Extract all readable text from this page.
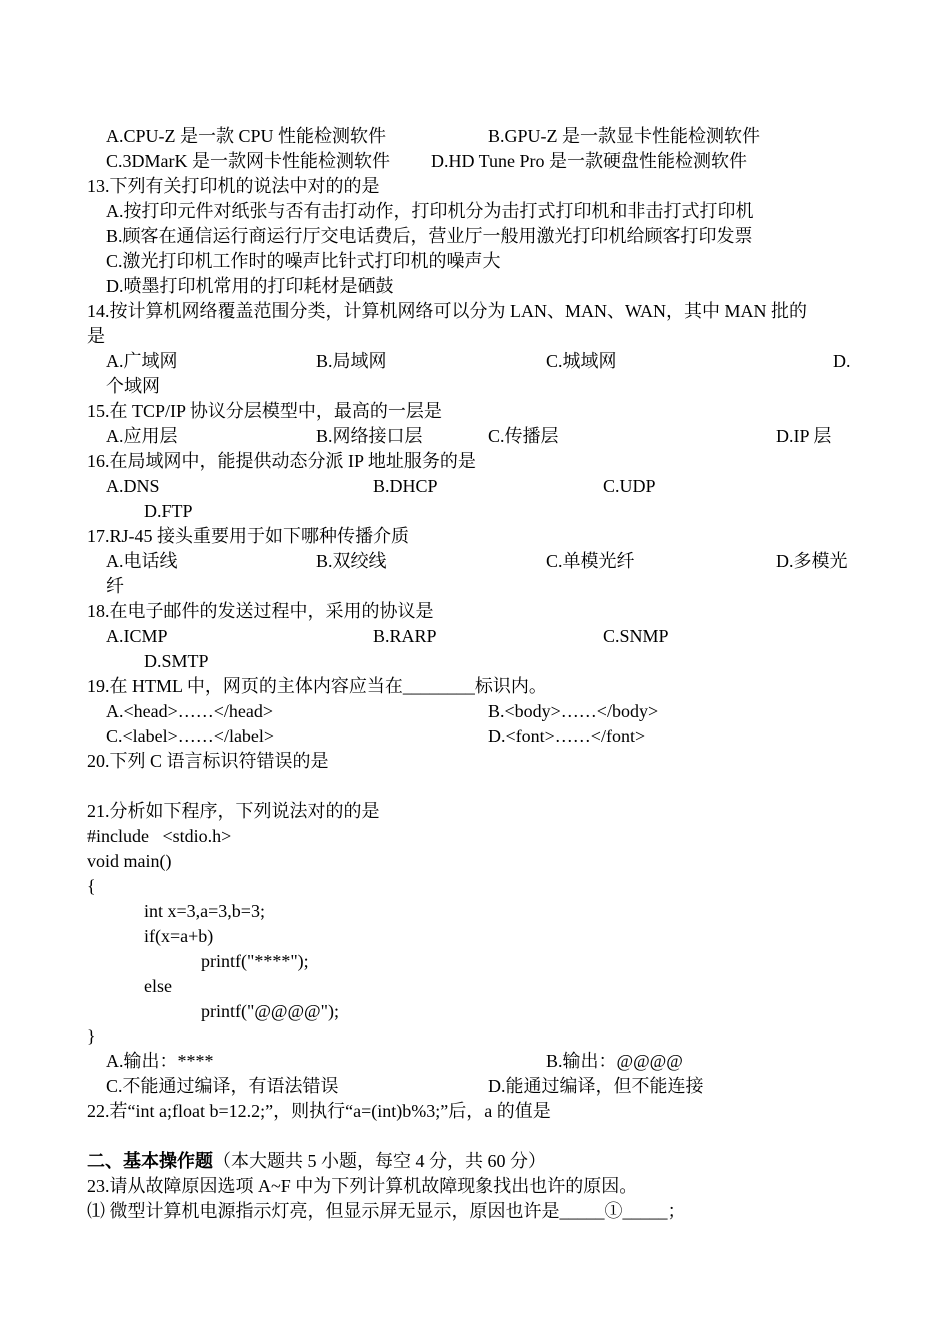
A.CPU-Z 是一款 CPU 性能检测软件	B.GPU-Z 是一款显卡性能检测软件
C.3DMarK 是一款网卡性能检测软件 D.HD Tune Pro 是一款硬盘性能检测软件
13.下列有关打印机的说法中对的的是
A.按打印元件对纸张与否有击打动作，打印机分为击打式打印机和非击打式打印机
B.顾客在通信运行商运行厅交电话费后，营业厅一般用激光打印机给顾客打印发票
C.激光打印机工作时的噪声比针式打印机的噪声大
D.喷墨打印机常用的打印耗材是硒鼓
14.按计算机网络覆盖范围分类，计算机网络可以分为 LAN、MAN、WAN，其中 MAN 批的
是
A.广域网	B.局域网	C.城域网	D.
个域网
15.在 TCP/IP 协议分层模型中，最高的一层是
A.应用层	B.网络接口层	C.传播层	D.IP 层
16.在局域网中，能提供动态分派 IP 地址服务的是
A.DNS	B.DHCP	C.UDP
D.FTP
17.RJ-45 接头重要用于如下哪种传播介质
A.电话线	B.双绞线	C.单模光纤	D.多模光
纤
18.在电子邮件的发送过程中，采用的协议是
A.ICMP	B.RARP	C.SNMP
D.SMTP
19.在 HTML 中，网页的主体内容应当在________标识内。
A.<head>……</head>	B.<body>……</body>
C.<label>……</label>	D.<font>……</font>
20.下列 C 语言标识符错误的是
21.分析如下程序，下列说法对的的是
#include   <stdio.h>
void main()
{
int x=3,a=3,b=3;
if(x=a+b)
printf("****");
else
printf("@@@@");
}
A.输出：****	B.输出：@@@@
C.不能通过编译，有语法错误	D.能通过编译，但不能连接
22.若“int a;float b=12.2;”，则执行“a=(int)b%3;”后，a 的值是
二、基本操作题（本大题共 5 小题，每空 4 分，共 60 分）
23.请从故障原因选项 A~F 中为下列计算机故障现象找出也许的原因。
⑴ 微型计算机电源指示灯亮，但显示屏无显示，原因也许是_____①_____；
